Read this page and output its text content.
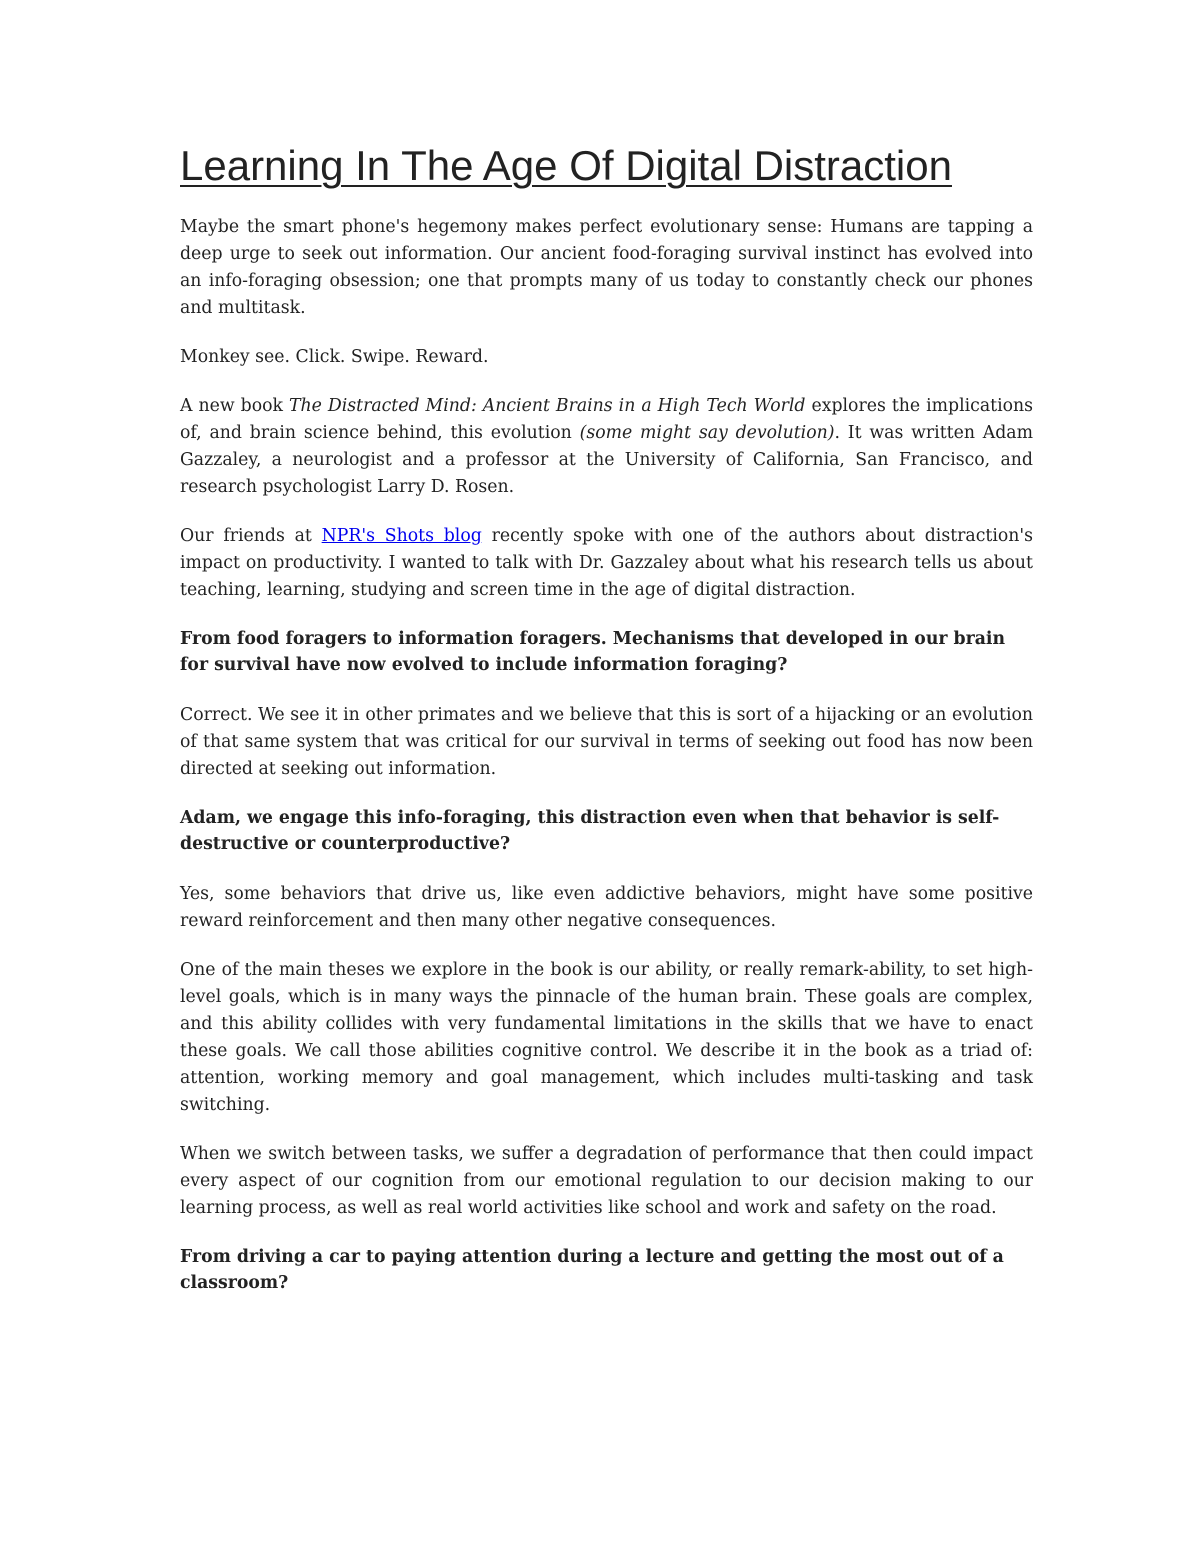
Learning In The Age Of Digital Distraction

Maybe the smart phone's hegemony makes perfect evolutionary sense: Humans are tapping a deep urge to seek out information. Our ancient food-foraging survival instinct has evolved into an info-foraging obsession; one that prompts many of us today to constantly check our phones and multitask.

Monkey see. Click. Swipe. Reward.

A new book The Distracted Mind: Ancient Brains in a High Tech World explores the implications of, and brain science behind, this evolution (some might say devolution). It was written Adam Gazzaley, a neurologist and a professor at the University of California, San Francisco, and research psychologist Larry D. Rosen.

Our friends at NPR's Shots blog recently spoke with one of the authors about distraction's impact on productivity. I wanted to talk with Dr. Gazzaley about what his research tells us about teaching, learning, studying and screen time in the age of digital distraction.

From food foragers to information foragers. Mechanisms that developed in our brain for survival have now evolved to include information foraging?

Correct. We see it in other primates and we believe that this is sort of a hijacking or an evolution of that same system that was critical for our survival in terms of seeking out food has now been directed at seeking out information.

Adam, we engage this info-foraging, this distraction even when that behavior is self-destructive or counterproductive?

Yes, some behaviors that drive us, like even addictive behaviors, might have some positive reward reinforcement and then many other negative consequences.

One of the main theses we explore in the book is our ability, or really remark-ability, to set high-level goals, which is in many ways the pinnacle of the human brain. These goals are complex, and this ability collides with very fundamental limitations in the skills that we have to enact these goals. We call those abilities cognitive control. We describe it in the book as a triad of: attention, working memory and goal management, which includes multi-tasking and task switching.

When we switch between tasks, we suffer a degradation of performance that then could impact every aspect of our cognition from our emotional regulation to our decision making to our learning process, as well as real world activities like school and work and safety on the road.

From driving a car to paying attention during a lecture and getting the most out of a classroom?
